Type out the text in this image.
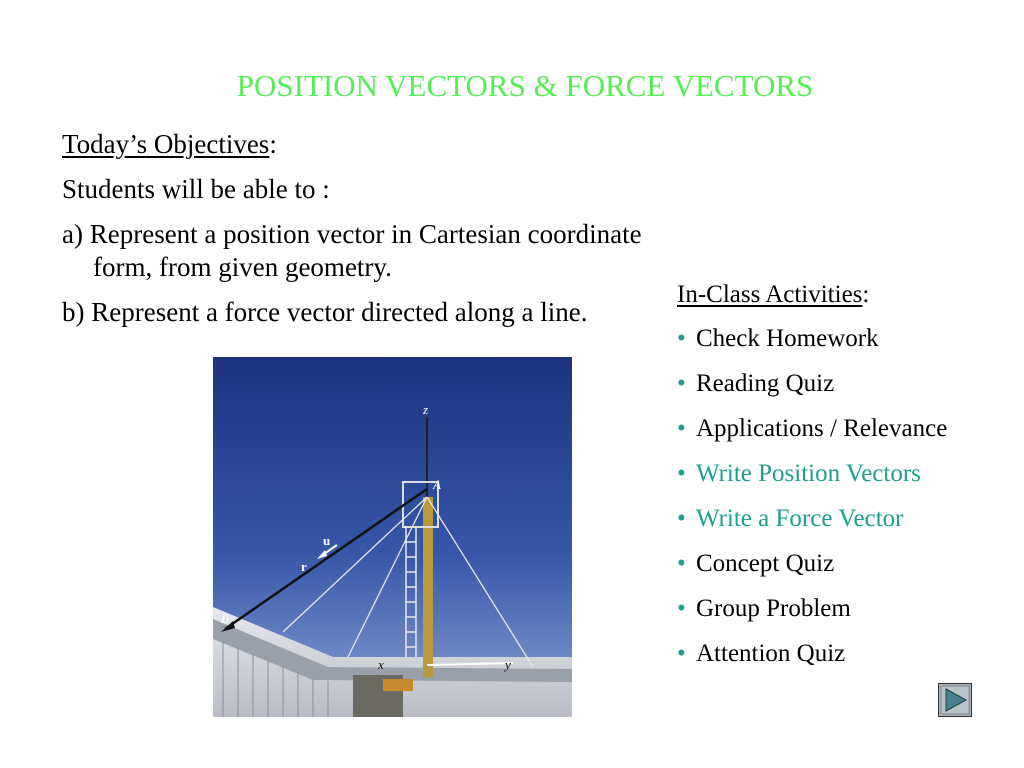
POSITION VECTORS & FORCE VECTORS
Today’s Objectives:
Students will be able to :
a) Represent a position vector in Cartesian coordinate form, from given geometry.
b) Represent a force vector directed along a line.
z
A
B
x	y
u
r
In-Class Activities:
• Check Homework
• Reading Quiz
• Applications / Relevance
• Write Position Vectors
• Write a Force Vector
• Concept Quiz
• Group Problem
• Attention Quiz
